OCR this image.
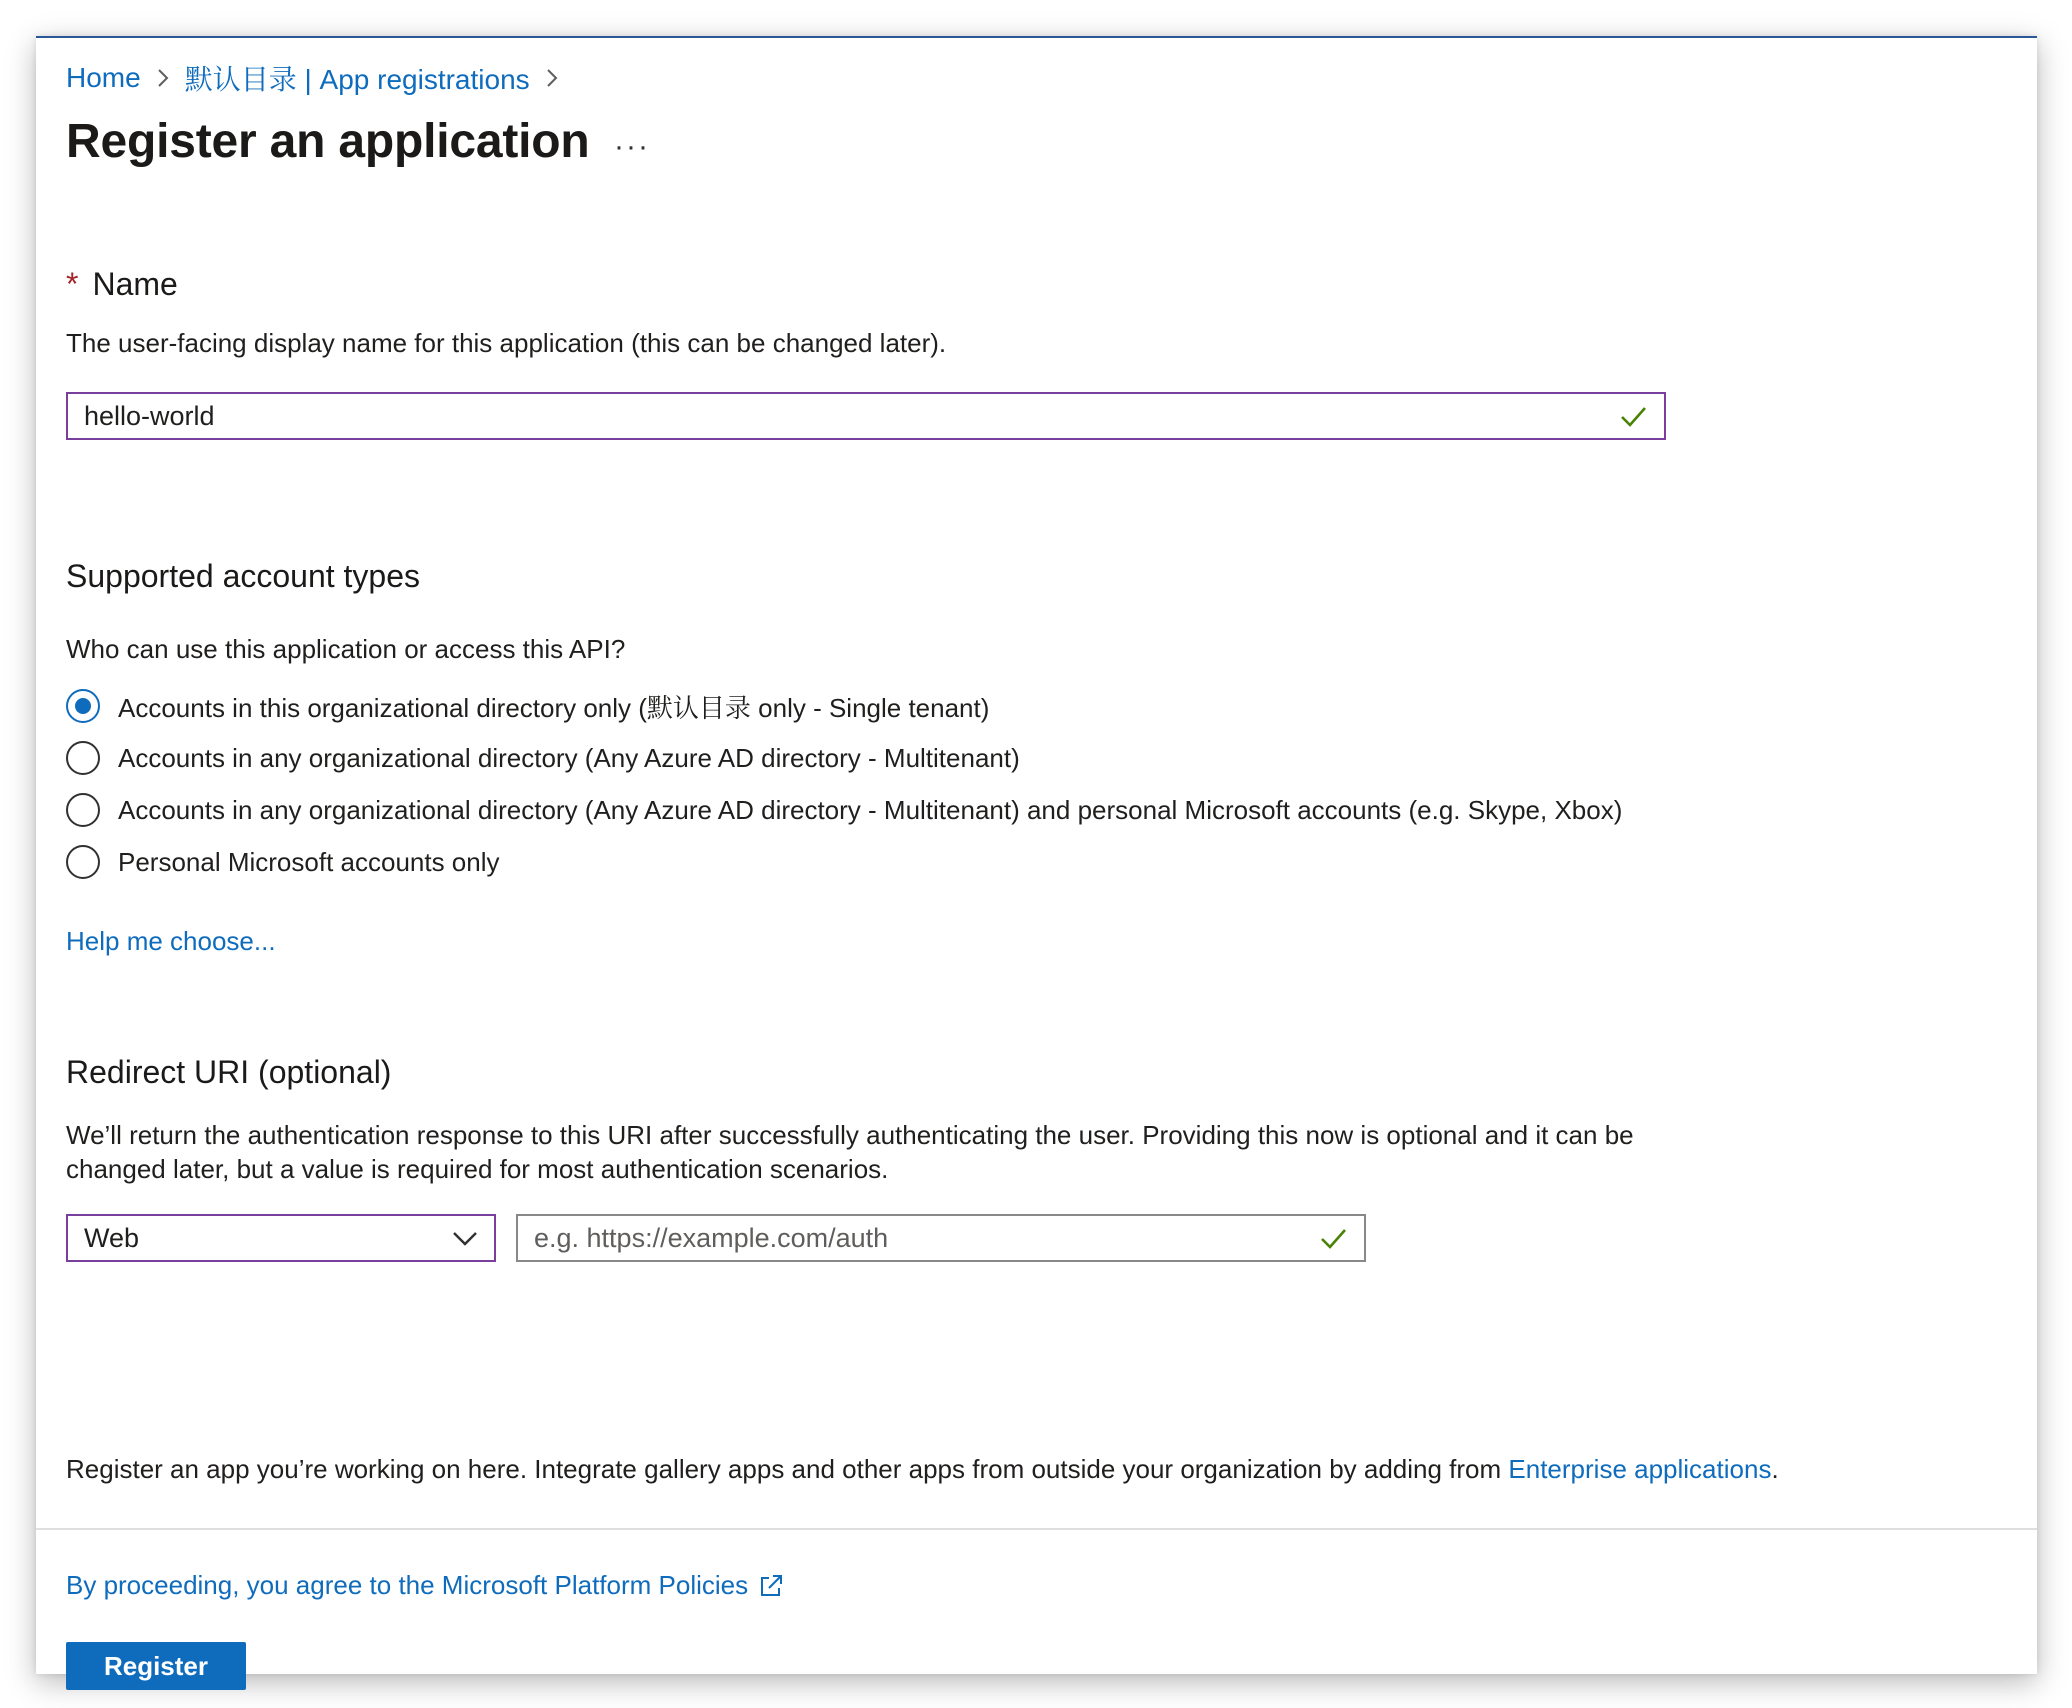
Home 默认目录 | App registrations
Register an application ···
* Name
The user-facing display name for this application (this can be changed later).
hello-world
Supported account types
Who can use this application or access this API?
Accounts in this organizational directory only (默认目录 only - Single tenant)
Accounts in any organizational directory (Any Azure AD directory - Multitenant)
Accounts in any organizational directory (Any Azure AD directory - Multitenant) and personal Microsoft accounts (e.g. Skype, Xbox)
Personal Microsoft accounts only
Help me choose...
Redirect URI (optional)
We’ll return the authentication response to this URI after successfully authenticating the user. Providing this now is optional and it can be changed later, but a value is required for most authentication scenarios.
Web
e.g. https://example.com/auth
Register an app you’re working on here. Integrate gallery apps and other apps from outside your organization by adding from Enterprise applications.
By proceeding, you agree to the Microsoft Platform Policies
Register
